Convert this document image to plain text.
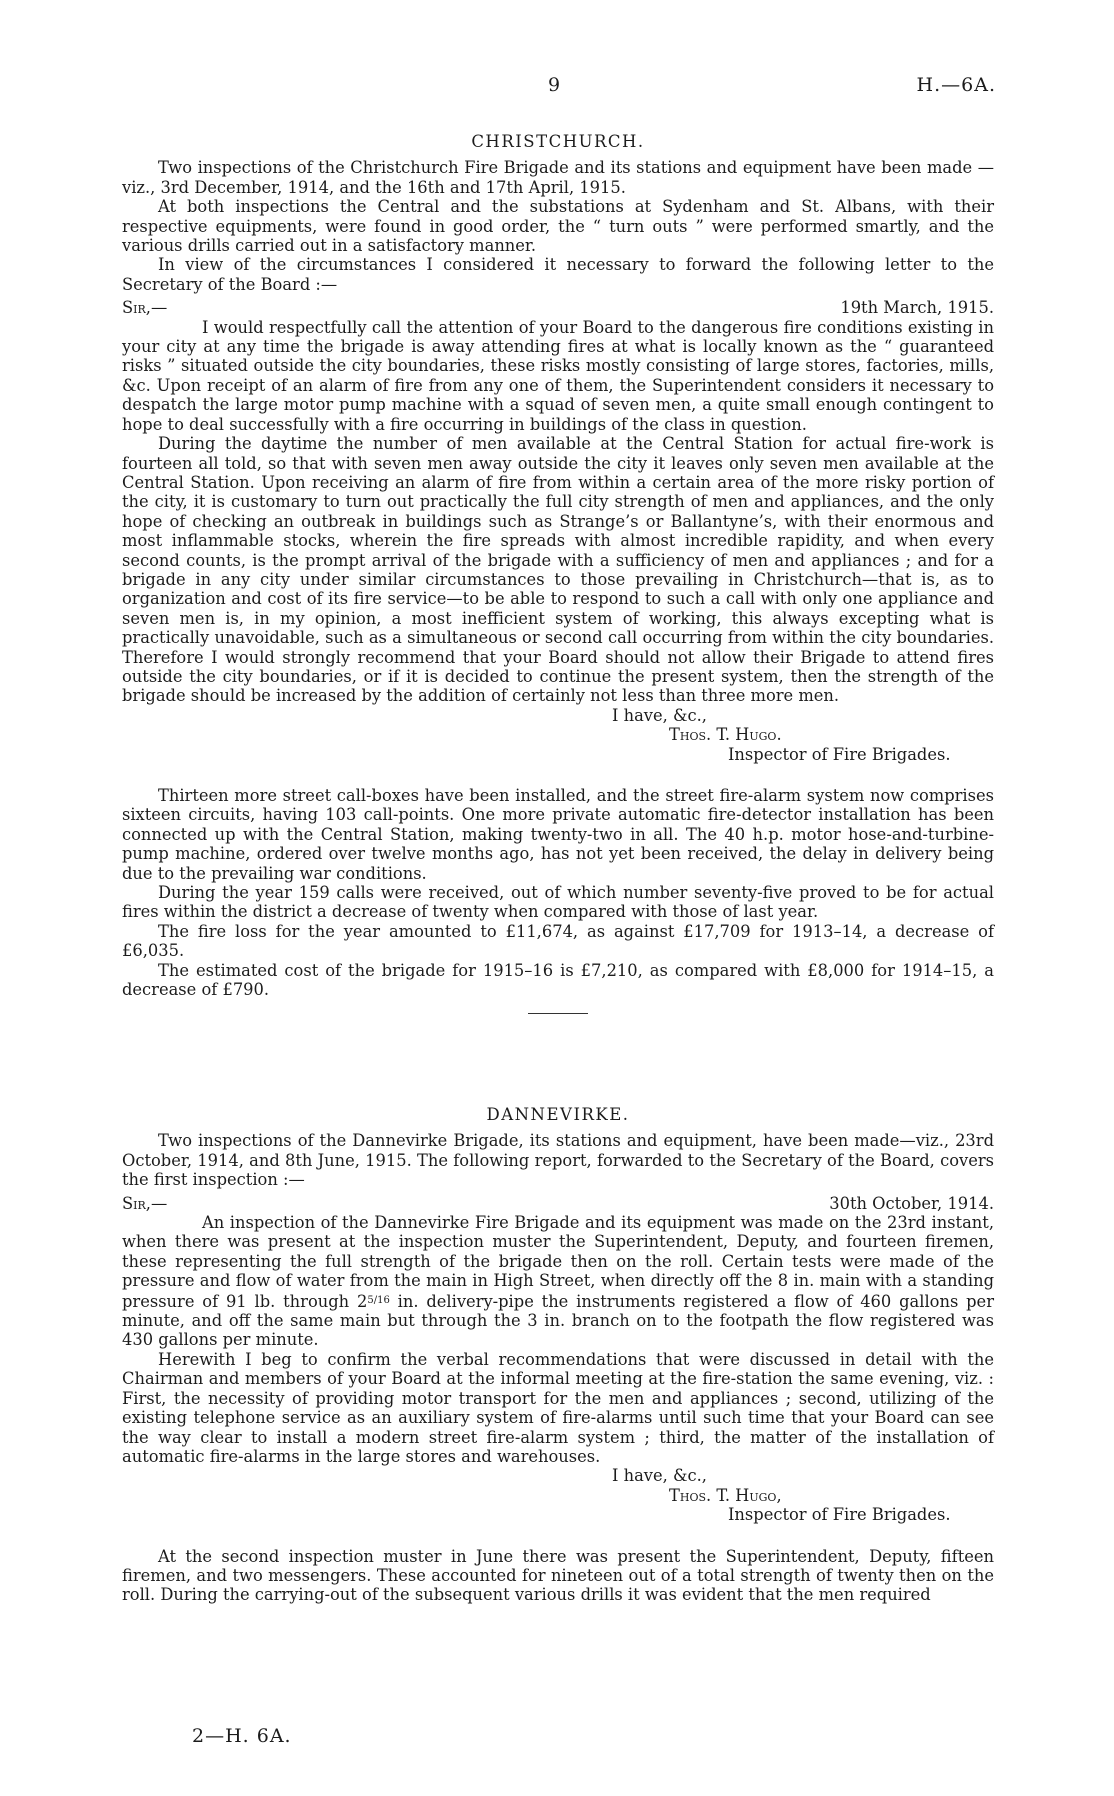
9	H.—6A.
CHRISTCHURCH.

Two inspections of the Christchurch Fire Brigade and its stations and equipment have been made —viz., 3rd December, 1914, and the 16th and 17th April, 1915.

At both inspections the Central and the substations at Sydenham and St. Albans, with their respective equipments, were found in good order, the “ turn outs ” were performed smartly, and the various drills carried out in a satisfactory manner.

In view of the circumstances I considered it necessary to forward the following letter to the Secretary of the Board :—

Sir,—	19th March, 1915.

I would respectfully call the attention of your Board to the dangerous fire conditions existing in your city at any time the brigade is away attending fires at what is locally known as the “ guaranteed risks ” situated outside the city boundaries, these risks mostly consisting of large stores, factories, mills, &c. Upon receipt of an alarm of fire from any one of them, the Superintendent considers it necessary to despatch the large motor pump machine with a squad of seven men, a quite small enough contingent to hope to deal successfully with a fire occurring in buildings of the class in question.

During the daytime the number of men available at the Central Station for actual fire-work is fourteen all told, so that with seven men away outside the city it leaves only seven men available at the Central Station. Upon receiving an alarm of fire from within a certain area of the more risky portion of the city, it is customary to turn out practically the full city strength of men and appliances, and the only hope of checking an outbreak in buildings such as Strange’s or Ballantyne’s, with their enormous and most inflammable stocks, wherein the fire spreads with almost incredible rapidity, and when every second counts, is the prompt arrival of the brigade with a sufficiency of men and appliances ; and for a brigade in any city under similar circumstances to those prevailing in Christchurch—that is, as to organization and cost of its fire service—to be able to respond to such a call with only one appliance and seven men is, in my opinion, a most inefficient system of working, this always excepting what is practically unavoidable, such as a simultaneous or second call occurring from within the city boundaries. Therefore I would strongly recommend that your Board should not allow their Brigade to attend fires outside the city boundaries, or if it is decided to continue the present system, then the strength of the brigade should be increased by the addition of certainly not less than three more men.

I have, &c.,
Thos. T. Hugo.
Inspector of Fire Brigades.

Thirteen more street call-boxes have been installed, and the street fire-alarm system now comprises sixteen circuits, having 103 call-points. One more private automatic fire-detector installation has been connected up with the Central Station, making twenty-two in all. The 40 h.p. motor hose-and-turbine-pump machine, ordered over twelve months ago, has not yet been received, the delay in delivery being due to the prevailing war conditions.

During the year 159 calls were received, out of which number seventy-five proved to be for actual fires within the district a decrease of twenty when compared with those of last year.

The fire loss for the year amounted to £11,674, as against £17,709 for 1913–14, a decrease of £6,035.

The estimated cost of the brigade for 1915–16 is £7,210, as compared with £8,000 for 1914–15, a decrease of £790.

DANNEVIRKE.

Two inspections of the Dannevirke Brigade, its stations and equipment, have been made—viz., 23rd October, 1914, and 8th June, 1915. The following report, forwarded to the Secretary of the Board, covers the first inspection :—

Sir,—	30th October, 1914.

An inspection of the Dannevirke Fire Brigade and its equipment was made on the 23rd instant, when there was present at the inspection muster the Superintendent, Deputy, and fourteen firemen, these representing the full strength of the brigade then on the roll. Certain tests were made of the pressure and flow of water from the main in High Street, when directly off the 8 in. main with a standing pressure of 91 lb. through $2^{5/16}$ in. delivery-pipe the instruments registered a flow of 460 gallons per minute, and off the same main but through the 3 in. branch on to the footpath the flow registered was 430 gallons per minute.

Herewith I beg to confirm the verbal recommendations that were discussed in detail with the Chairman and members of your Board at the informal meeting at the fire-station the same evening, viz. : First, the necessity of providing motor transport for the men and appliances ; second, utilizing of the existing telephone service as an auxiliary system of fire-alarms until such time that your Board can see the way clear to install a modern street fire-alarm system ; third, the matter of the installation of automatic fire-alarms in the large stores and warehouses.

I have, &c.,
Thos. T. Hugo,
Inspector of Fire Brigades.

At the second inspection muster in June there was present the Superintendent, Deputy, fifteen firemen, and two messengers. These accounted for nineteen out of a total strength of twenty then on the roll. During the carrying-out of the subsequent various drills it was evident that the men required

2—H. 6A.
